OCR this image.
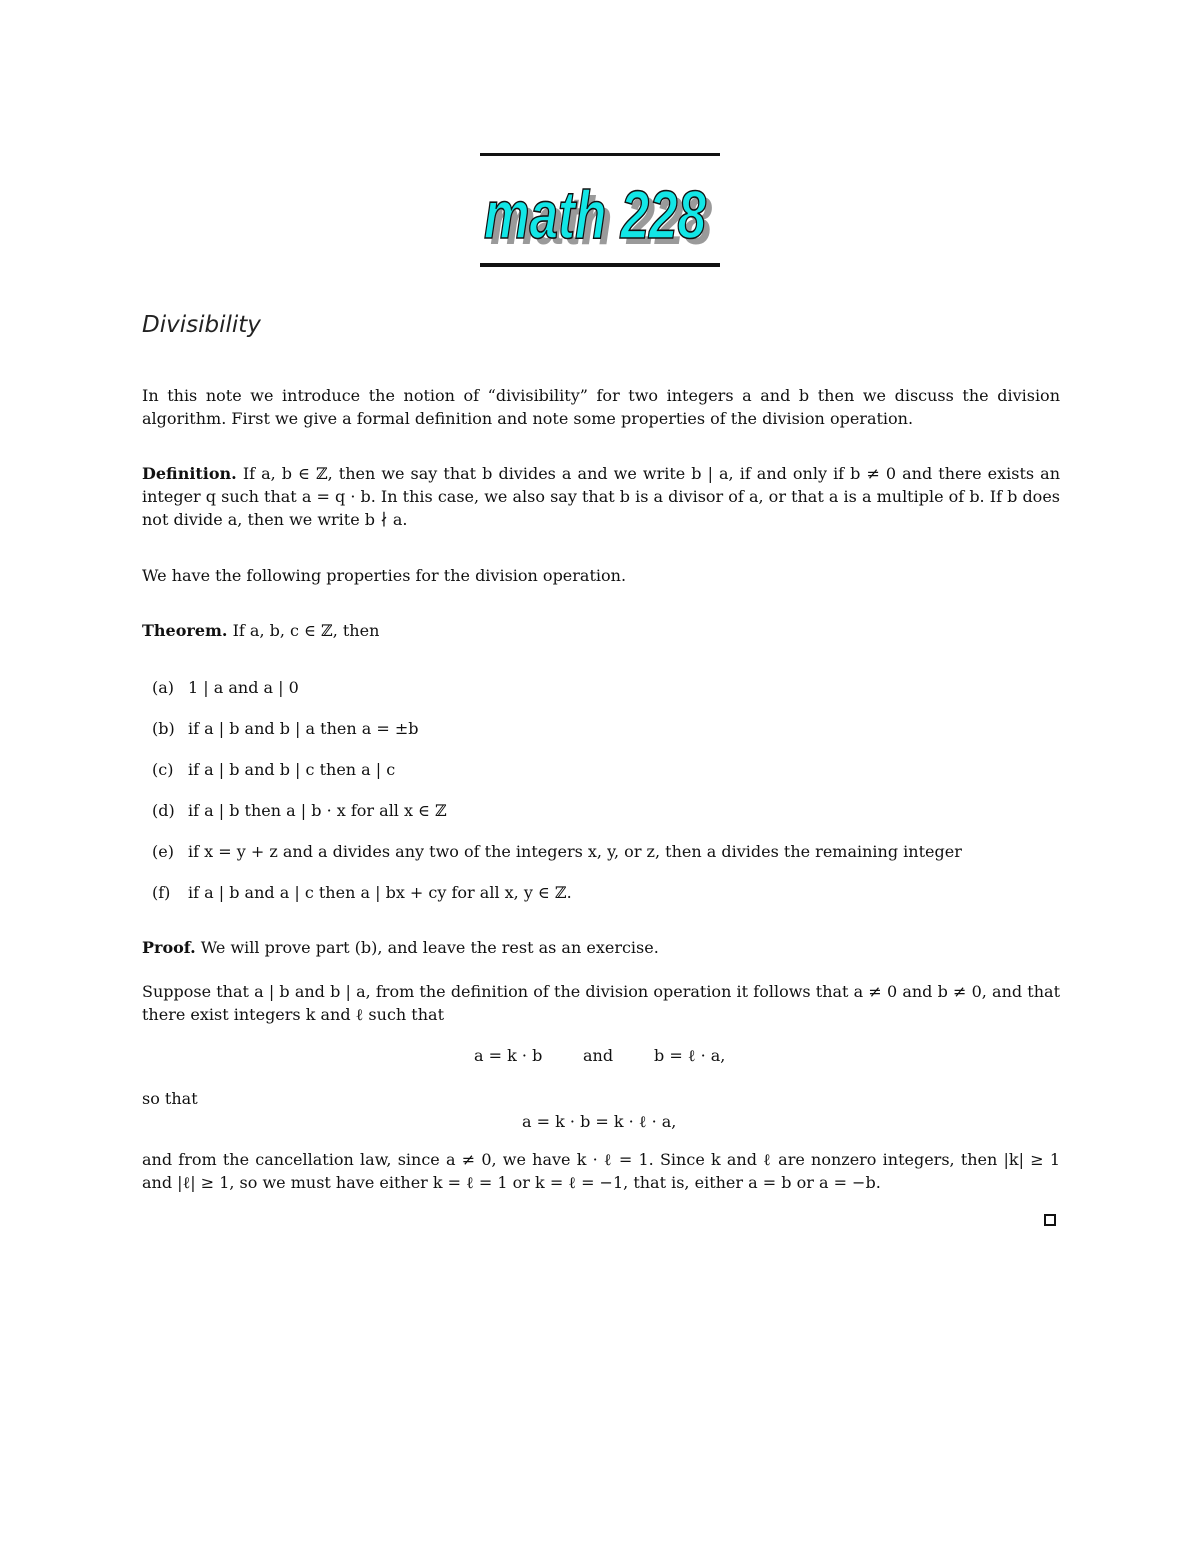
math 228
math 228
Divisibility

In this note we introduce the notion of “divisibility” for two integers a and b then we discuss the division algorithm. First we give a formal definition and note some properties of the division operation.

Definition. If a, b ∈ ℤ, then we say that b divides a and we write b | a, if and only if b ≠ 0 and there exists an integer q such that a = q · b. In this case, we also say that b is a divisor of a, or that a is a multiple of b. If b does not divide a, then we write b ∤ a.

We have the following properties for the division operation.

Theorem. If a, b, c ∈ ℤ, then

(a) 1 | a and a | 0
(b) if a | b and b | a then a = ±b
(c) if a | b and b | c then a | c
(d) if a | b then a | b · x for all x ∈ ℤ
(e) if x = y + z and a divides any two of the integers x, y, or z, then a divides the remaining integer
(f) if a | b and a | c then a | bx + cy for all x, y ∈ ℤ.

Proof. We will prove part (b), and leave the rest as an exercise.

Suppose that a | b and b | a, from the definition of the division operation it follows that a ≠ 0 and b ≠ 0, and that there exist integers k and ℓ such that

a = k · b	and	b = ℓ · a,
so that
a = k · b = k · ℓ · a,

and from the cancellation law, since a ≠ 0, we have k · ℓ = 1. Since k and ℓ are nonzero integers, then |k| ≥ 1 and |ℓ| ≥ 1, so we must have either k = ℓ = 1 or k = ℓ = −1, that is, either a = b or a = −b.
